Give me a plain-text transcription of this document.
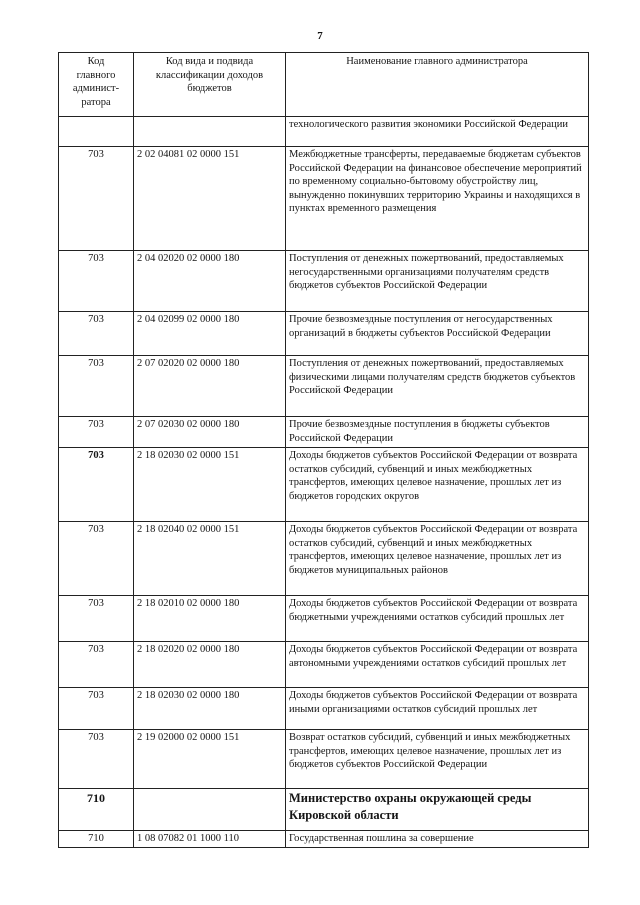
7
Код главного админист-ратора	Код вида и подвида классификации доходов бюджетов	Наименование главного администратора
		технологического развития экономики Российской Федерации
703	2 02 04081 02 0000 151	Межбюджетные трансферты, передаваемые бюджетам субъектов Российской Федерации на финансовое обеспечение мероприятий по временному социально-бытовому обустройству лиц, вынужденно покинувших территорию Украины и находящихся в пунктах временного размещения
703	2 04 02020 02 0000 180	Поступления от денежных пожертвований, предоставляемых негосударственными организациями получателям средств бюджетов субъектов Российской Федерации
703	2 04 02099 02 0000 180	Прочие безвозмездные поступления от негосударственных организаций в бюджеты субъектов Российской Федерации
703	2 07 02020 02 0000 180	Поступления от денежных пожертвований, предоставляемых физическими лицами получателям средств бюджетов субъектов Российской Федерации
703	2 07 02030 02 0000 180	Прочие безвозмездные поступления в бюджеты субъектов Российской Федерации
703	2 18 02030 02 0000 151	Доходы бюджетов субъектов Российской Федерации от возврата остатков субсидий, субвенций и иных межбюджетных трансфертов, имеющих целевое назначение, прошлых лет из бюджетов городских округов
703	2 18 02040 02 0000 151	Доходы бюджетов субъектов Российской Федерации от возврата остатков субсидий, субвенций и иных межбюджетных трансфертов, имеющих целевое назначение, прошлых лет из бюджетов муниципальных районов
703	2 18 02010 02 0000 180	Доходы бюджетов субъектов Российской Федерации от возврата бюджетными учреждениями остатков субсидий прошлых лет
703	2 18 02020 02 0000 180	Доходы бюджетов субъектов Российской Федерации от возврата автономными учреждениями остатков субсидий прошлых лет
703	2 18 02030 02 0000 180	Доходы бюджетов субъектов Российской Федерации от возврата иными организациями остатков субсидий прошлых лет
703	2 19 02000 02 0000 151	Возврат остатков субсидий, субвенций и иных межбюджетных трансфертов, имеющих целевое назначение, прошлых лет из бюджетов субъектов Российской Федерации
710		Министерство охраны окружающей среды Кировской области
710	1 08 07082 01 1000 110	Государственная пошлина за совершение
